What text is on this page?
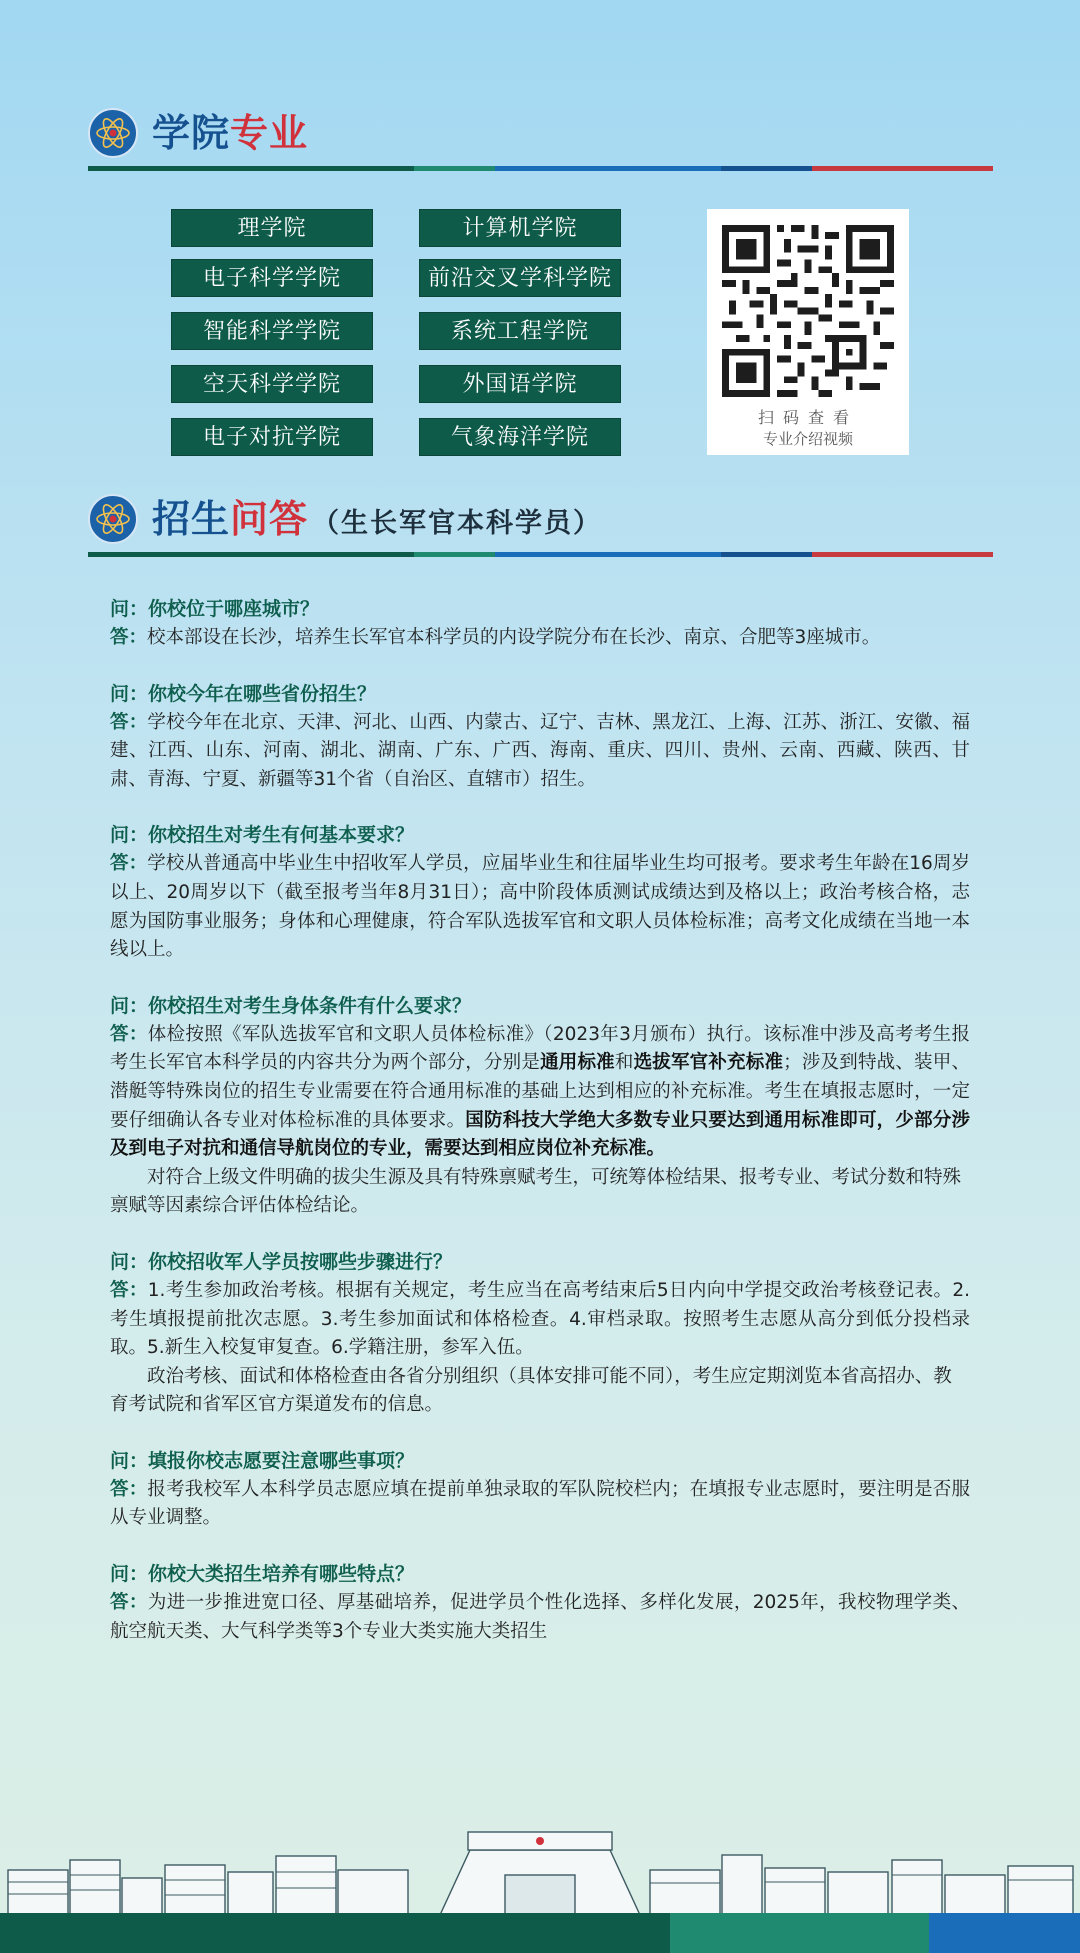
学院专业
理学院	计算机学院
电子科学学院	前沿交叉学科学院
智能科学学院	系统工程学院
空天科学学院	外国语学院
电子对抗学院	气象海洋学院
扫码查看
专业介绍视频
招生问答 （生长军官本科学员）
问：你校位于哪座城市？

答：校本部设在长沙，培养生长军官本科学员的内设学院分布在长沙、南京、合肥等3座城市。

问：你校今年在哪些省份招生？

答：学校今年在北京、天津、河北、山西、内蒙古、辽宁、吉林、黑龙江、上海、江苏、浙江、安徽、福建、江西、山东、河南、湖北、湖南、广东、广西、海南、重庆、四川、贵州、云南、西藏、陕西、甘肃、青海、宁夏、新疆等31个省（自治区、直辖市）招生。

问：你校招生对考生有何基本要求？

答：学校从普通高中毕业生中招收军人学员，应届毕业生和往届毕业生均可报考。要求考生年龄在16周岁以上、20周岁以下（截至报考当年8月31日）；高中阶段体质测试成绩达到及格以上；政治考核合格，志愿为国防事业服务；身体和心理健康，符合军队选拔军官和文职人员体检标准；高考文化成绩在当地一本线以上。

问：你校招生对考生身体条件有什么要求？

答：体检按照《军队选拔军官和文职人员体检标准》（2023年3月颁布）执行。该标准中涉及高考考生报考生长军官本科学员的内容共分为两个部分，分别是通用标准和选拔军官补充标准；涉及到特战、装甲、潜艇等特殊岗位的招生专业需要在符合通用标准的基础上达到相应的补充标准。考生在填报志愿时，一定要仔细确认各专业对体检标准的具体要求。国防科技大学绝大多数专业只要达到通用标准即可，少部分涉及到电子对抗和通信导航岗位的专业，需要达到相应岗位补充标准。

对符合上级文件明确的拔尖生源及具有特殊禀赋考生，可统筹体检结果、报考专业、考试分数和特殊禀赋等因素综合评估体检结论。

问：你校招收军人学员按哪些步骤进行？

答：1.考生参加政治考核。根据有关规定，考生应当在高考结束后5日内向中学提交政治考核登记表。2.考生填报提前批次志愿。3.考生参加面试和体格检查。4.审档录取。按照考生志愿从高分到低分投档录取。5.新生入校复审复查。6.学籍注册，参军入伍。

政治考核、面试和体格检查由各省分别组织（具体安排可能不同），考生应定期浏览本省高招办、教育考试院和省军区官方渠道发布的信息。

问：填报你校志愿要注意哪些事项？

答：报考我校军人本科学员志愿应填在提前单独录取的军队院校栏内；在填报专业志愿时，要注明是否服从专业调整。

问：你校大类招生培养有哪些特点？

答：为进一步推进宽口径、厚基础培养，促进学员个性化选择、多样化发展，2025年，我校物理学类、航空航天类、大气科学类等3个专业大类实施大类招生
